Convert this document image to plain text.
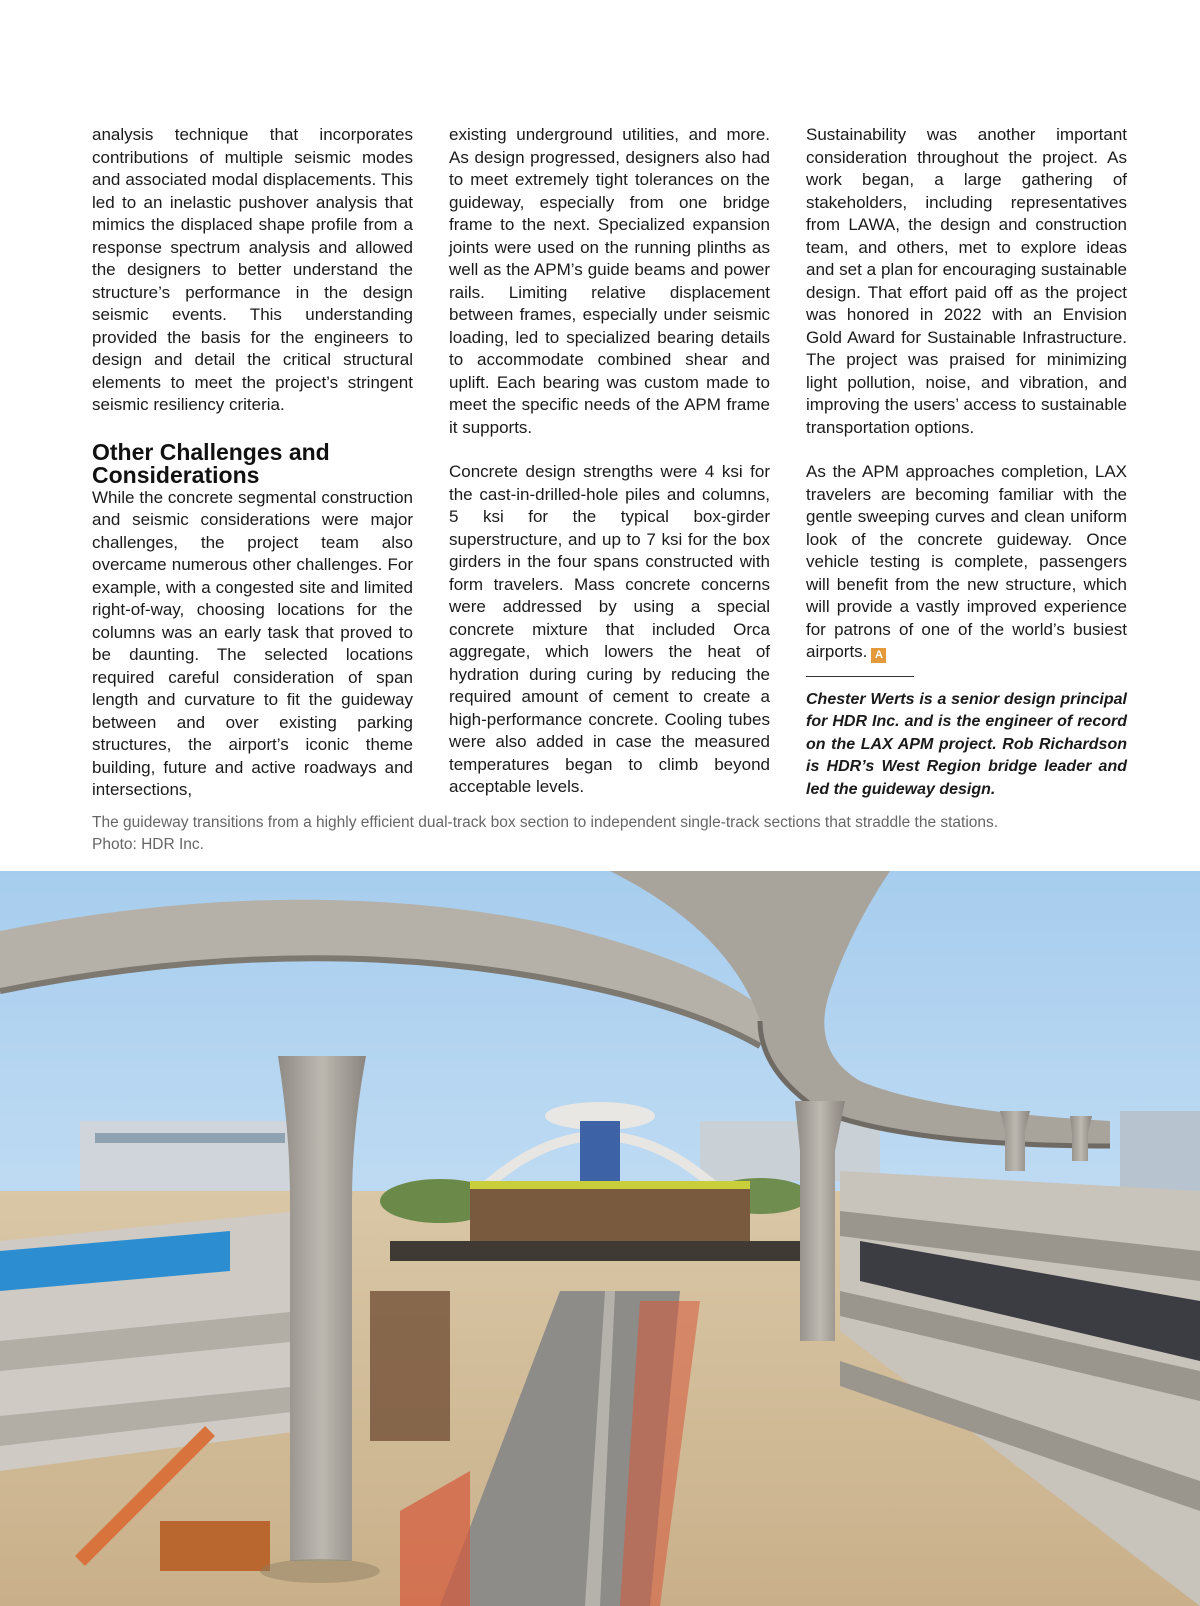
analysis technique that incorporates contributions of multiple seismic modes and associated modal displacements. This led to an inelastic pushover analysis that mimics the displaced shape profile from a response spectrum analysis and allowed the designers to better understand the structure’s performance in the design seismic events. This understanding provided the basis for the engineers to design and detail the critical structural elements to meet the project’s stringent seismic resiliency criteria.

Other Challenges and Considerations

While the concrete segmental construction and seismic considerations were major challenges, the project team also overcame numerous other challenges. For example, with a congested site and limited right-of-way, choosing locations for the columns was an early task that proved to be daunting. The selected locations required careful consideration of span length and curvature to fit the guideway between and over existing parking structures, the airport’s iconic theme building, future and active roadways and intersections,

existing underground utilities, and more. As design progressed, designers also had to meet extremely tight tolerances on the guideway, especially from one bridge frame to the next. Specialized expansion joints were used on the running plinths as well as the APM’s guide beams and power rails. Limiting relative displacement between frames, especially under seismic loading, led to specialized bearing details to accommodate combined shear and uplift. Each bearing was custom made to meet the specific needs of the APM frame it supports.

Concrete design strengths were 4 ksi for the cast-in-drilled-hole piles and columns, 5 ksi for the typical box-girder superstructure, and up to 7 ksi for the box girders in the four spans constructed with form travelers. Mass concrete concerns were addressed by using a special concrete mixture that included Orca aggregate, which lowers the heat of hydration during curing by reducing the required amount of cement to create a high-performance concrete. Cooling tubes were also added in case the measured temperatures began to climb beyond acceptable levels.

Sustainability was another important consideration throughout the project. As work began, a large gathering of stakeholders, including representatives from LAWA, the design and construction team, and others, met to explore ideas and set a plan for encouraging sustainable design. That effort paid off as the project was honored in 2022 with an Envision Gold Award for Sustainable Infrastructure. The project was praised for minimizing light pollution, noise, and vibration, and improving the users’ access to sustainable transportation options.

As the APM approaches completion, LAX travelers are becoming familiar with the gentle sweeping curves and clean uniform look of the concrete guideway. Once vehicle testing is complete, passengers will benefit from the new structure, which will provide a vastly improved experience for patrons of one of the world’s busiest airports. A

Chester Werts is a senior design principal for HDR Inc. and is the engineer of record on the LAX APM project. Rob Richardson is HDR’s West Region bridge leader and led the guideway design.

The guideway transitions from a highly efficient dual-track box section to independent single-track sections that straddle the stations.
Photo: HDR Inc.
